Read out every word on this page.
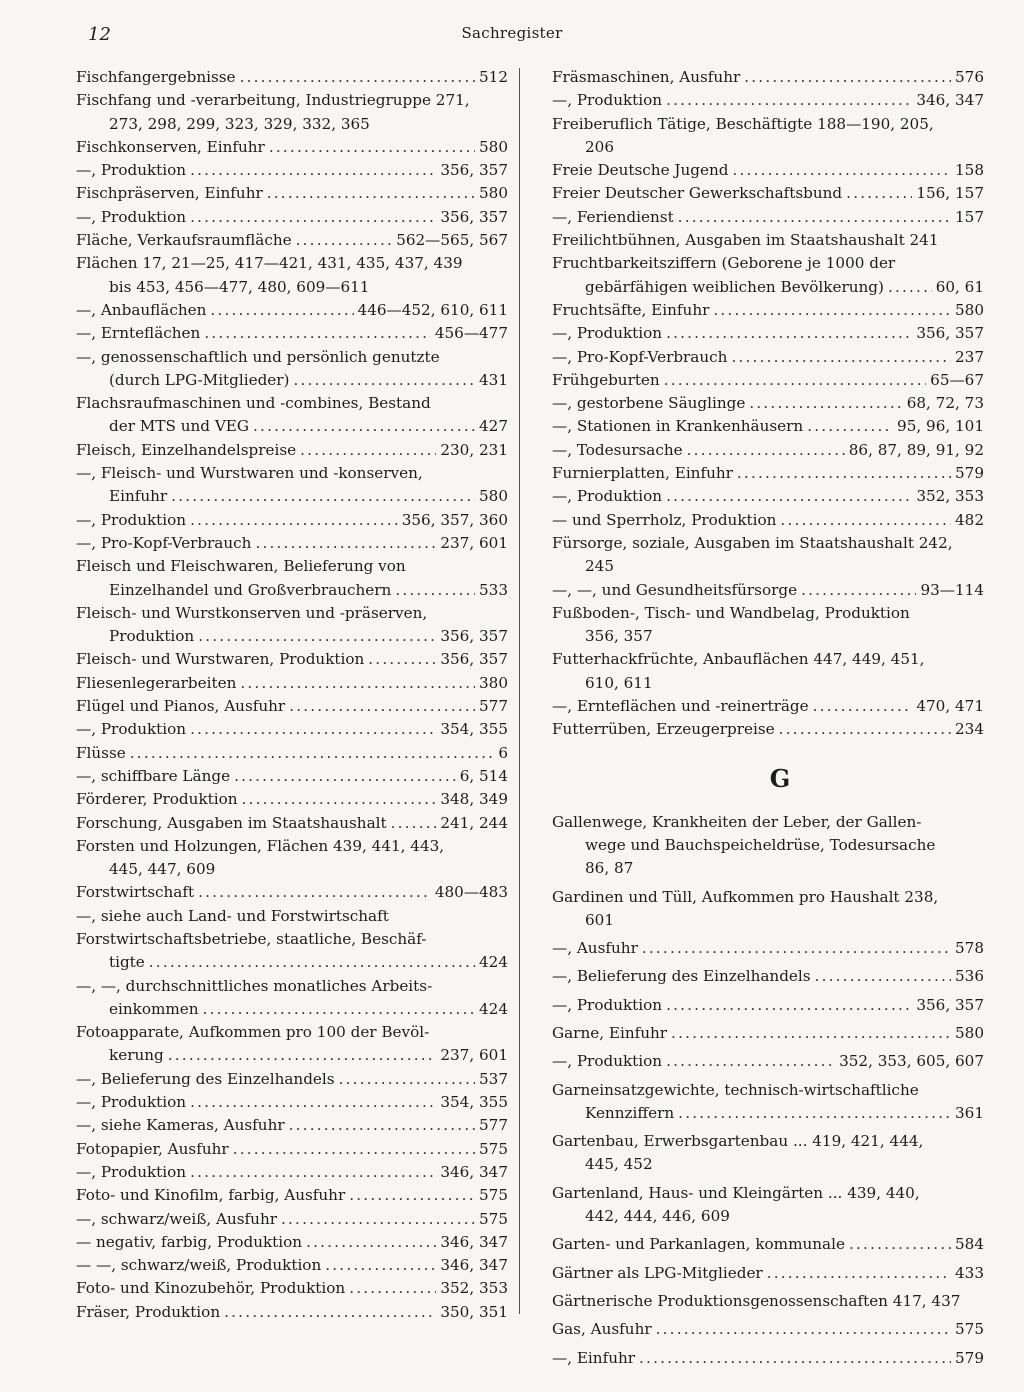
12	Sachregister
Fischfangergebnisse .....	512
Fischfang und -verarbeitung, Industriegruppe 271,
273, 298, 299, 323, 329, 332, 365
Fischkonserven, Einfuhr .....	580
—, Produktion .....	356, 357
Fischpräserven, Einfuhr .....	580
—, Produktion .....	356, 357
Fläche, Verkaufsraumfläche .....	562—565, 567
Flächen 17, 21—25, 417—421, 431, 435, 437, 439
bis 453, 456—477, 480, 609—611
—, Anbauflächen .....	446—452, 610, 611
—, Ernteflächen .....	456—477
—, genossenschaftlich und persönlich genutzte
(durch LPG-Mitglieder) .....	431
Flachsraufmaschinen und -combines, Bestand
der MTS und VEG .....	427
Fleisch, Einzelhandelspreise .....	230, 231
—, Fleisch- und Wurstwaren und -konserven,
Einfuhr .....	580
—, Produktion .....	356, 357, 360
—, Pro-Kopf-Verbrauch .....	237, 601
Fleisch und Fleischwaren, Belieferung von
Einzelhandel und Großverbrauchern .....	533
Fleisch- und Wurstkonserven und -präserven,
Produktion .....	356, 357
Fleisch- und Wurstwaren, Produktion .....	356, 357
Fliesenlegerarbeiten .....	380
Flügel und Pianos, Ausfuhr .....	577
—, Produktion .....	354, 355
Flüsse .....	6
—, schiffbare Länge .....	6, 514
Förderer, Produktion .....	348, 349
Forschung, Ausgaben im Staatshaushalt .....	241, 244
Forsten und Holzungen, Flächen 439, 441, 443,
445, 447, 609
Forstwirtschaft .....	480—483
—, siehe auch Land- und Forstwirtschaft
Forstwirtschaftsbetriebe, staatliche, Beschäf-
tigte .....	424
—, —, durchschnittliches monatliches Arbeits-
einkommen .....	424
Fotoapparate, Aufkommen pro 100 der Bevöl-
kerung .....	237, 601
—, Belieferung des Einzelhandels .....	537
—, Produktion .....	354, 355
—, siehe Kameras, Ausfuhr .....	577
Fotopapier, Ausfuhr .....	575
—, Produktion .....	346, 347
Foto- und Kinofilm, farbig, Ausfuhr .....	575
—, schwarz/weiß, Ausfuhr .....	575
— negativ, farbig, Produktion .....	346, 347
— —, schwarz/weiß, Produktion .....	346, 347
Foto- und Kinozubehör, Produktion .....	352, 353
Fräser, Produktion .....	350, 351
Fräsmaschinen, Ausfuhr .....	576
—, Produktion .....	346, 347
Freiberuflich Tätige, Beschäftigte 188—190, 205,
206
Freie Deutsche Jugend .....	158
Freier Deutscher Gewerkschaftsbund .....	156, 157
—, Feriendienst .....	157
Freilichtbühnen, Ausgaben im Staatshaushalt 241
Fruchtbarkeitsziffern (Geborene je 1000 der
gebärfähigen weiblichen Bevölkerung) .....	60, 61
Fruchtsäfte, Einfuhr .....	580
—, Produktion .....	356, 357
—, Pro-Kopf-Verbrauch .....	237
Frühgeburten .....	65—67
—, gestorbene Säuglinge .....	68, 72, 73
—, Stationen in Krankenhäusern .....	95, 96, 101
—, Todesursache .....	86, 87, 89, 91, 92
Furnierplatten, Einfuhr .....	579
—, Produktion .....	352, 353
— und Sperrholz, Produktion .....	482
Fürsorge, soziale, Ausgaben im Staatshaushalt 242,
245
—, —, und Gesundheitsfürsorge .....	93—114
Fußboden-, Tisch- und Wandbelag, Produktion
356, 357
Futterhackfrüchte, Anbauflächen 447, 449, 451,
610, 611
—, Ernteflächen und -reinerträge .....	470, 471
Futterrüben, Erzeugerpreise .....	234
G
Gallenwege, Krankheiten der Leber, der Gallen-
wege und Bauchspeicheldrüse, Todesursache
86, 87
Gardinen und Tüll, Aufkommen pro Haushalt 238,
601
—, Ausfuhr .....	578
—, Belieferung des Einzelhandels .....	536
—, Produktion .....	356, 357
Garne, Einfuhr .....	580
—, Produktion .....	352, 353, 605, 607
Garneinsatzgewichte, technisch-wirtschaftliche
Kennziffern .....	361
Gartenbau, Erwerbsgartenbau ... 419, 421, 444,
445, 452
Gartenland, Haus- und Kleingärten ... 439, 440,
442, 444, 446, 609
Garten- und Parkanlagen, kommunale .....	584
Gärtner als LPG-Mitglieder .....	433
Gärtnerische Produktionsgenossenschaften 417, 437
Gas, Ausfuhr .....	575
—, Einfuhr .....	579
